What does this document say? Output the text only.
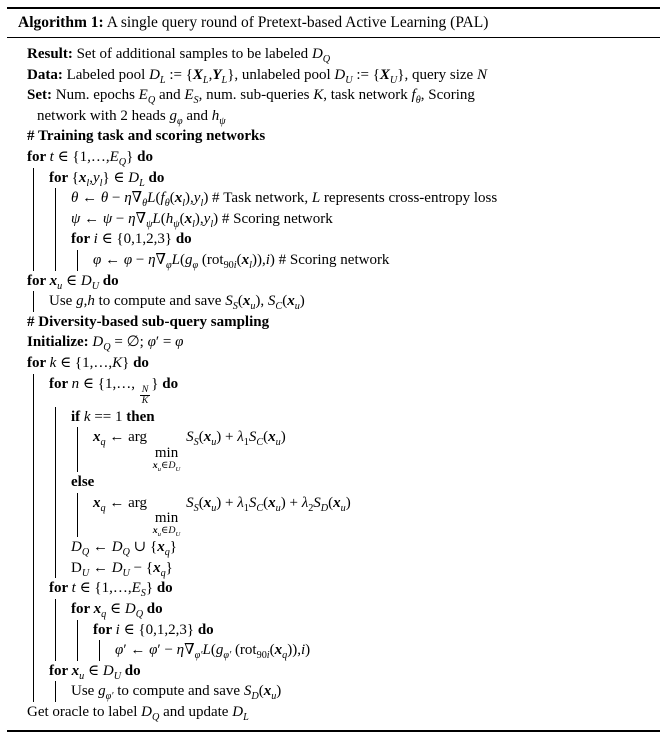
Algorithm 1: A single query round of Pretext-based Active Learning (PAL)
Result: Set of additional samples to be labeled $D_Q$
Data: Labeled pool $D_L$ := $\{X_L,Y_L\}$, unlabeled pool $D_U$ := $\{X_U\}$, query size N
Set: Num. epochs $E_Q$ and $E_S$, num. sub-queries K, task network $f_\theta$, Scoring
network with 2 heads $g_\varphi$ and $h_\psi$
# Training task and scoring networks
for t ∈ $\{1,\dots,E_Q\}$ do
for $\{x_l,y_l\}$ ∈ $D_L$ do
θ ← $\theta - \eta\nabla_\theta L(f_\theta(x_l),y_l)$ # Task network, L represents cross-entropy loss
ψ ← $\psi - \eta\nabla_\psi L(h_\psi(x_l),y_l)$ # Scoring network
for i ∈ {0,1,2,3} do
φ ← $\varphi - \eta\nabla_\varphi L(g_\varphi$ $(rot_{90i}(x_l)),i$) # Scoring network
for $x_u$ ∈ $D_U$ do
Use g,h to compute and save $S_S(x_u)$, $S_C(x_u)$
# Diversity-based sub-query sampling
Initialize: $D_Q$ = ∅; φ′ = φ
for k ∈ {1,…,K} do
for n ∈ {1,…,
$\frac{N}{K}$
} do
if k == 1 then
$x_q$ ← arg
min
$x_u\in D_U$
$S_S(x_u) + \lambda_1S_C(x_u)$
else
$x_q$ ← arg
min
$x_u\in D_U$
$S_S(x_u) + \lambda_1S_C(x_u) + \lambda_2S_D(x_u)$
$D_Q$ ← $D_Q$ ∪ $\{x_q\}$
$D_U$ ← $D_U - \{x_q\}$
for t ∈ $\{1,\dots,E_S\}$ do
for $x_q$ ∈ $D_Q$ do
for i ∈ {0,1,2,3} do
φ′ ← $\varphi' - \eta\nabla_{\varphi'}L(g_{\varphi'}$ $(rot_{90i}(x_q)),i$)
for $x_u$ ∈ $D_U$ do
Use $g_{\varphi'}$ to compute and save $S_D(x_u)$
Get oracle to label $D_Q$ and update $D_L$
